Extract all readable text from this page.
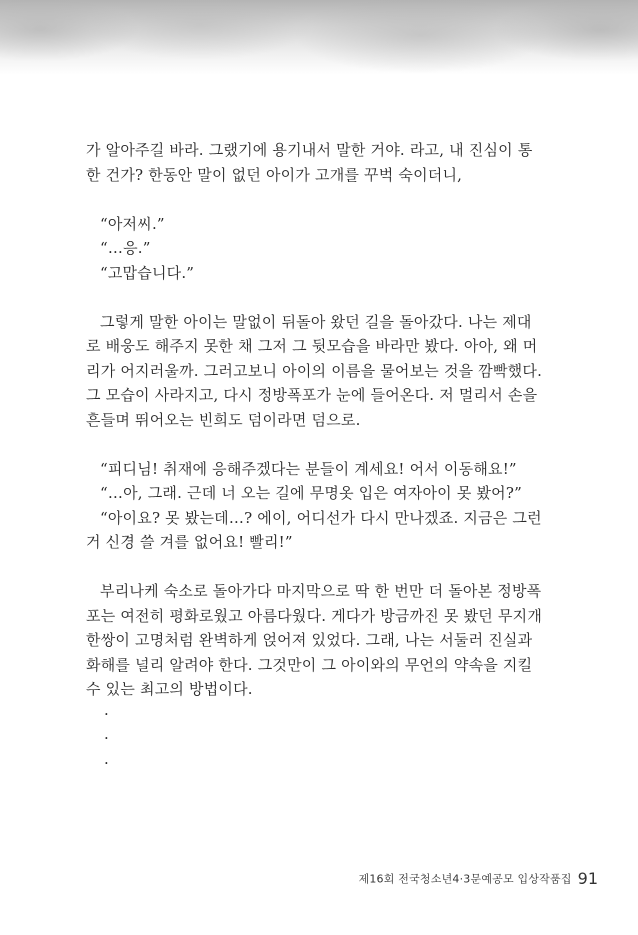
가 알아주길 바라. 그랬기에 용기내서 말한 거야. 라고, 내 진심이 통
한 건가? 한동안 말이 없던 아이가 고개를 꾸벅 숙이더니,
“아저씨.”
“…응.”
“고맙습니다.”
그렇게 말한 아이는 말없이 뒤돌아 왔던 길을 돌아갔다. 나는 제대
로 배웅도 해주지 못한 채 그저 그 뒷모습을 바라만 봤다. 아아, 왜 머
리가 어지러울까. 그러고보니 아이의 이름을 물어보는 것을 깜빡했다.
그 모습이 사라지고, 다시 정방폭포가 눈에 들어온다. 저 멀리서 손을
흔들며 뛰어오는 빈희도 덤이라면 덤으로.
“피디님! 취재에 응해주겠다는 분들이 계세요! 어서 이동해요!”
“…아, 그래. 근데 너 오는 길에 무명옷 입은 여자아이 못 봤어?”
“아이요? 못 봤는데…? 에이, 어디선가 다시 만나겠죠. 지금은 그런
거 신경 쓸 겨를 없어요! 빨리!”
부리나케 숙소로 돌아가다 마지막으로 딱 한 번만 더 돌아본 정방폭
포는 여전히 평화로웠고 아름다웠다. 게다가 방금까진 못 봤던 무지개
한쌍이 고명처럼 완벽하게 얹어져 있었다. 그래, 나는 서둘러 진실과
화해를 널리 알려야 한다. 그것만이 그 아이와의 무언의 약속을 지킬
수 있는 최고의 방법이다.
·
·
·
제16회 전국청소년4·3문예공모 입상작품집 91
